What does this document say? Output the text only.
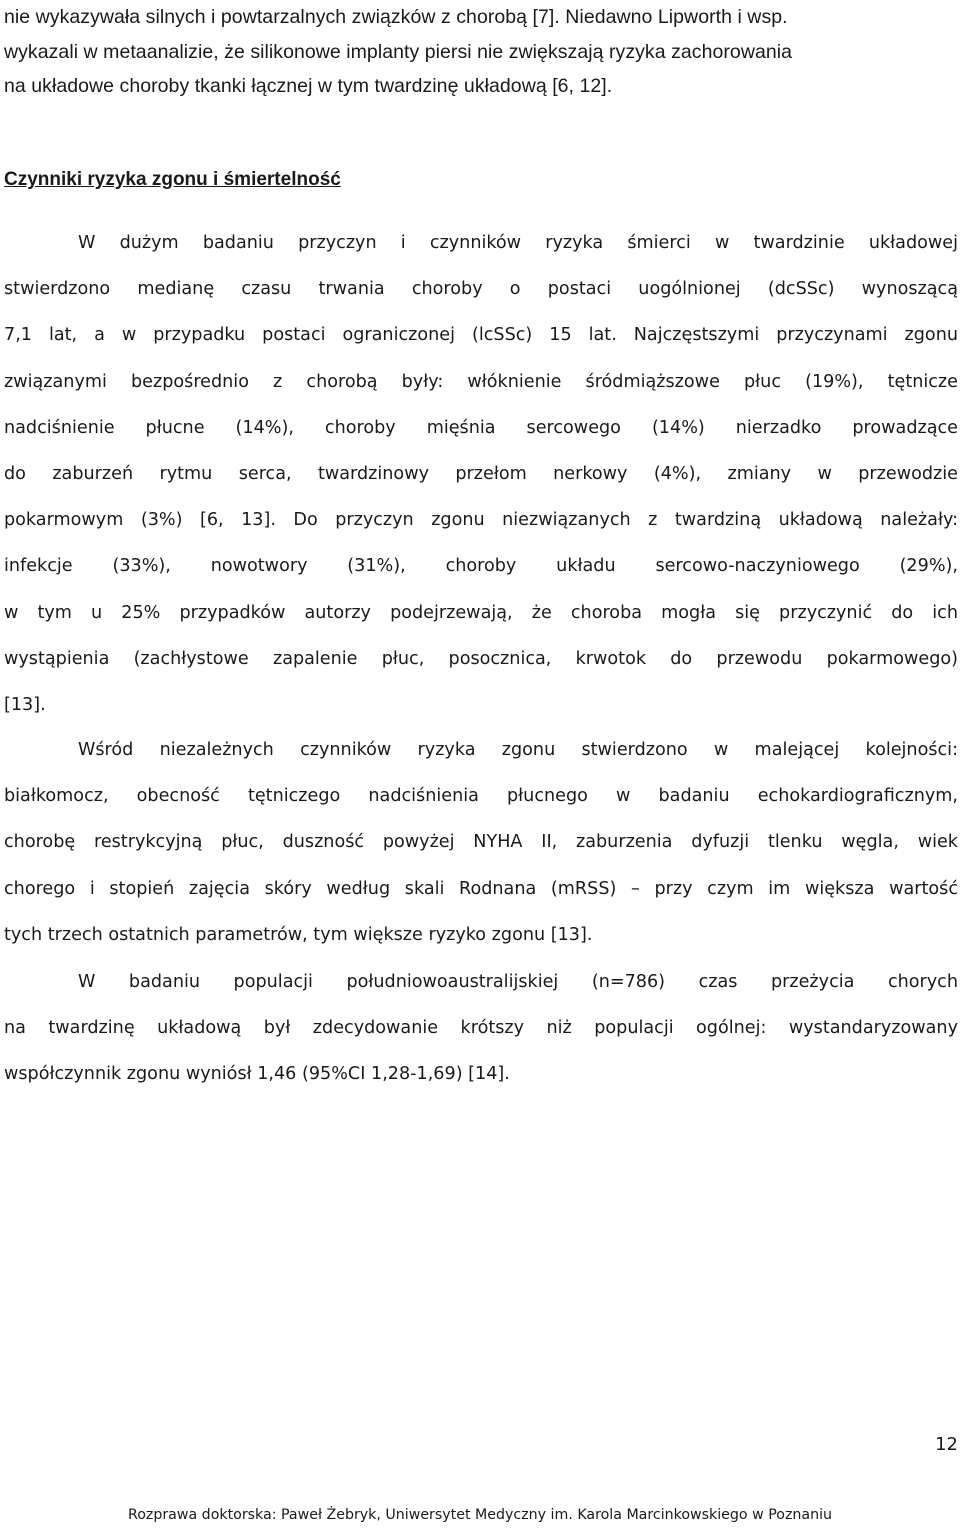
nie wykazywała silnych i powtarzalnych związków z chorobą [7]. Niedawno Lipworth i wsp.
wykazali w metaanalizie, że silikonowe implanty piersi nie zwiększają ryzyka zachorowania
na układowe choroby tkanki łącznej w tym twardzinę układową [6, 12].

Czynniki ryzyka zgonu i śmiertelność

W dużym badaniu przyczyn i czynników ryzyka śmierci w twardzinie układowej
stwierdzono medianę czasu trwania choroby o postaci uogólnionej (dcSSc) wynoszącą
7,1 lat, a w przypadku postaci ograniczonej (lcSSc) 15 lat. Najczęstszymi przyczynami zgonu
związanymi bezpośrednio z chorobą były: włóknienie śródmiąższowe płuc (19%), tętnicze
nadciśnienie płucne (14%), choroby mięśnia sercowego (14%) nierzadko prowadzące
do zaburzeń rytmu serca, twardzinowy przełom nerkowy (4%), zmiany w przewodzie
pokarmowym (3%) [6, 13]. Do przyczyn zgonu niezwiązanych z twardziną układową należały:
infekcje (33%), nowotwory (31%), choroby układu sercowo-naczyniowego (29%),
w tym u 25% przypadków autorzy podejrzewają, że choroba mogła się przyczynić do ich
wystąpienia (zachłystowe zapalenie płuc, posocznica, krwotok do przewodu pokarmowego)
[13].

Wśród niezależnych czynników ryzyka zgonu stwierdzono w malejącej kolejności:
białkomocz, obecność tętniczego nadciśnienia płucnego w badaniu echokardiograficznym,
chorobę restrykcyjną płuc, duszność powyżej NYHA II, zaburzenia dyfuzji tlenku węgla, wiek
chorego i stopień zajęcia skóry według skali Rodnana (mRSS) – przy czym im większa wartość
tych trzech ostatnich parametrów, tym większe ryzyko zgonu [13].

W badaniu populacji południowoaustralijskiej (n=786) czas przeżycia chorych
na twardzinę układową był zdecydowanie krótszy niż populacji ogólnej: wystandaryzowany
współczynnik zgonu wyniósł 1,46 (95%CI 1,28-1,69) [14].

12

Rozprawa doktorska: Paweł Żebryk, Uniwersytet Medyczny im. Karola Marcinkowskiego w Poznaniu
